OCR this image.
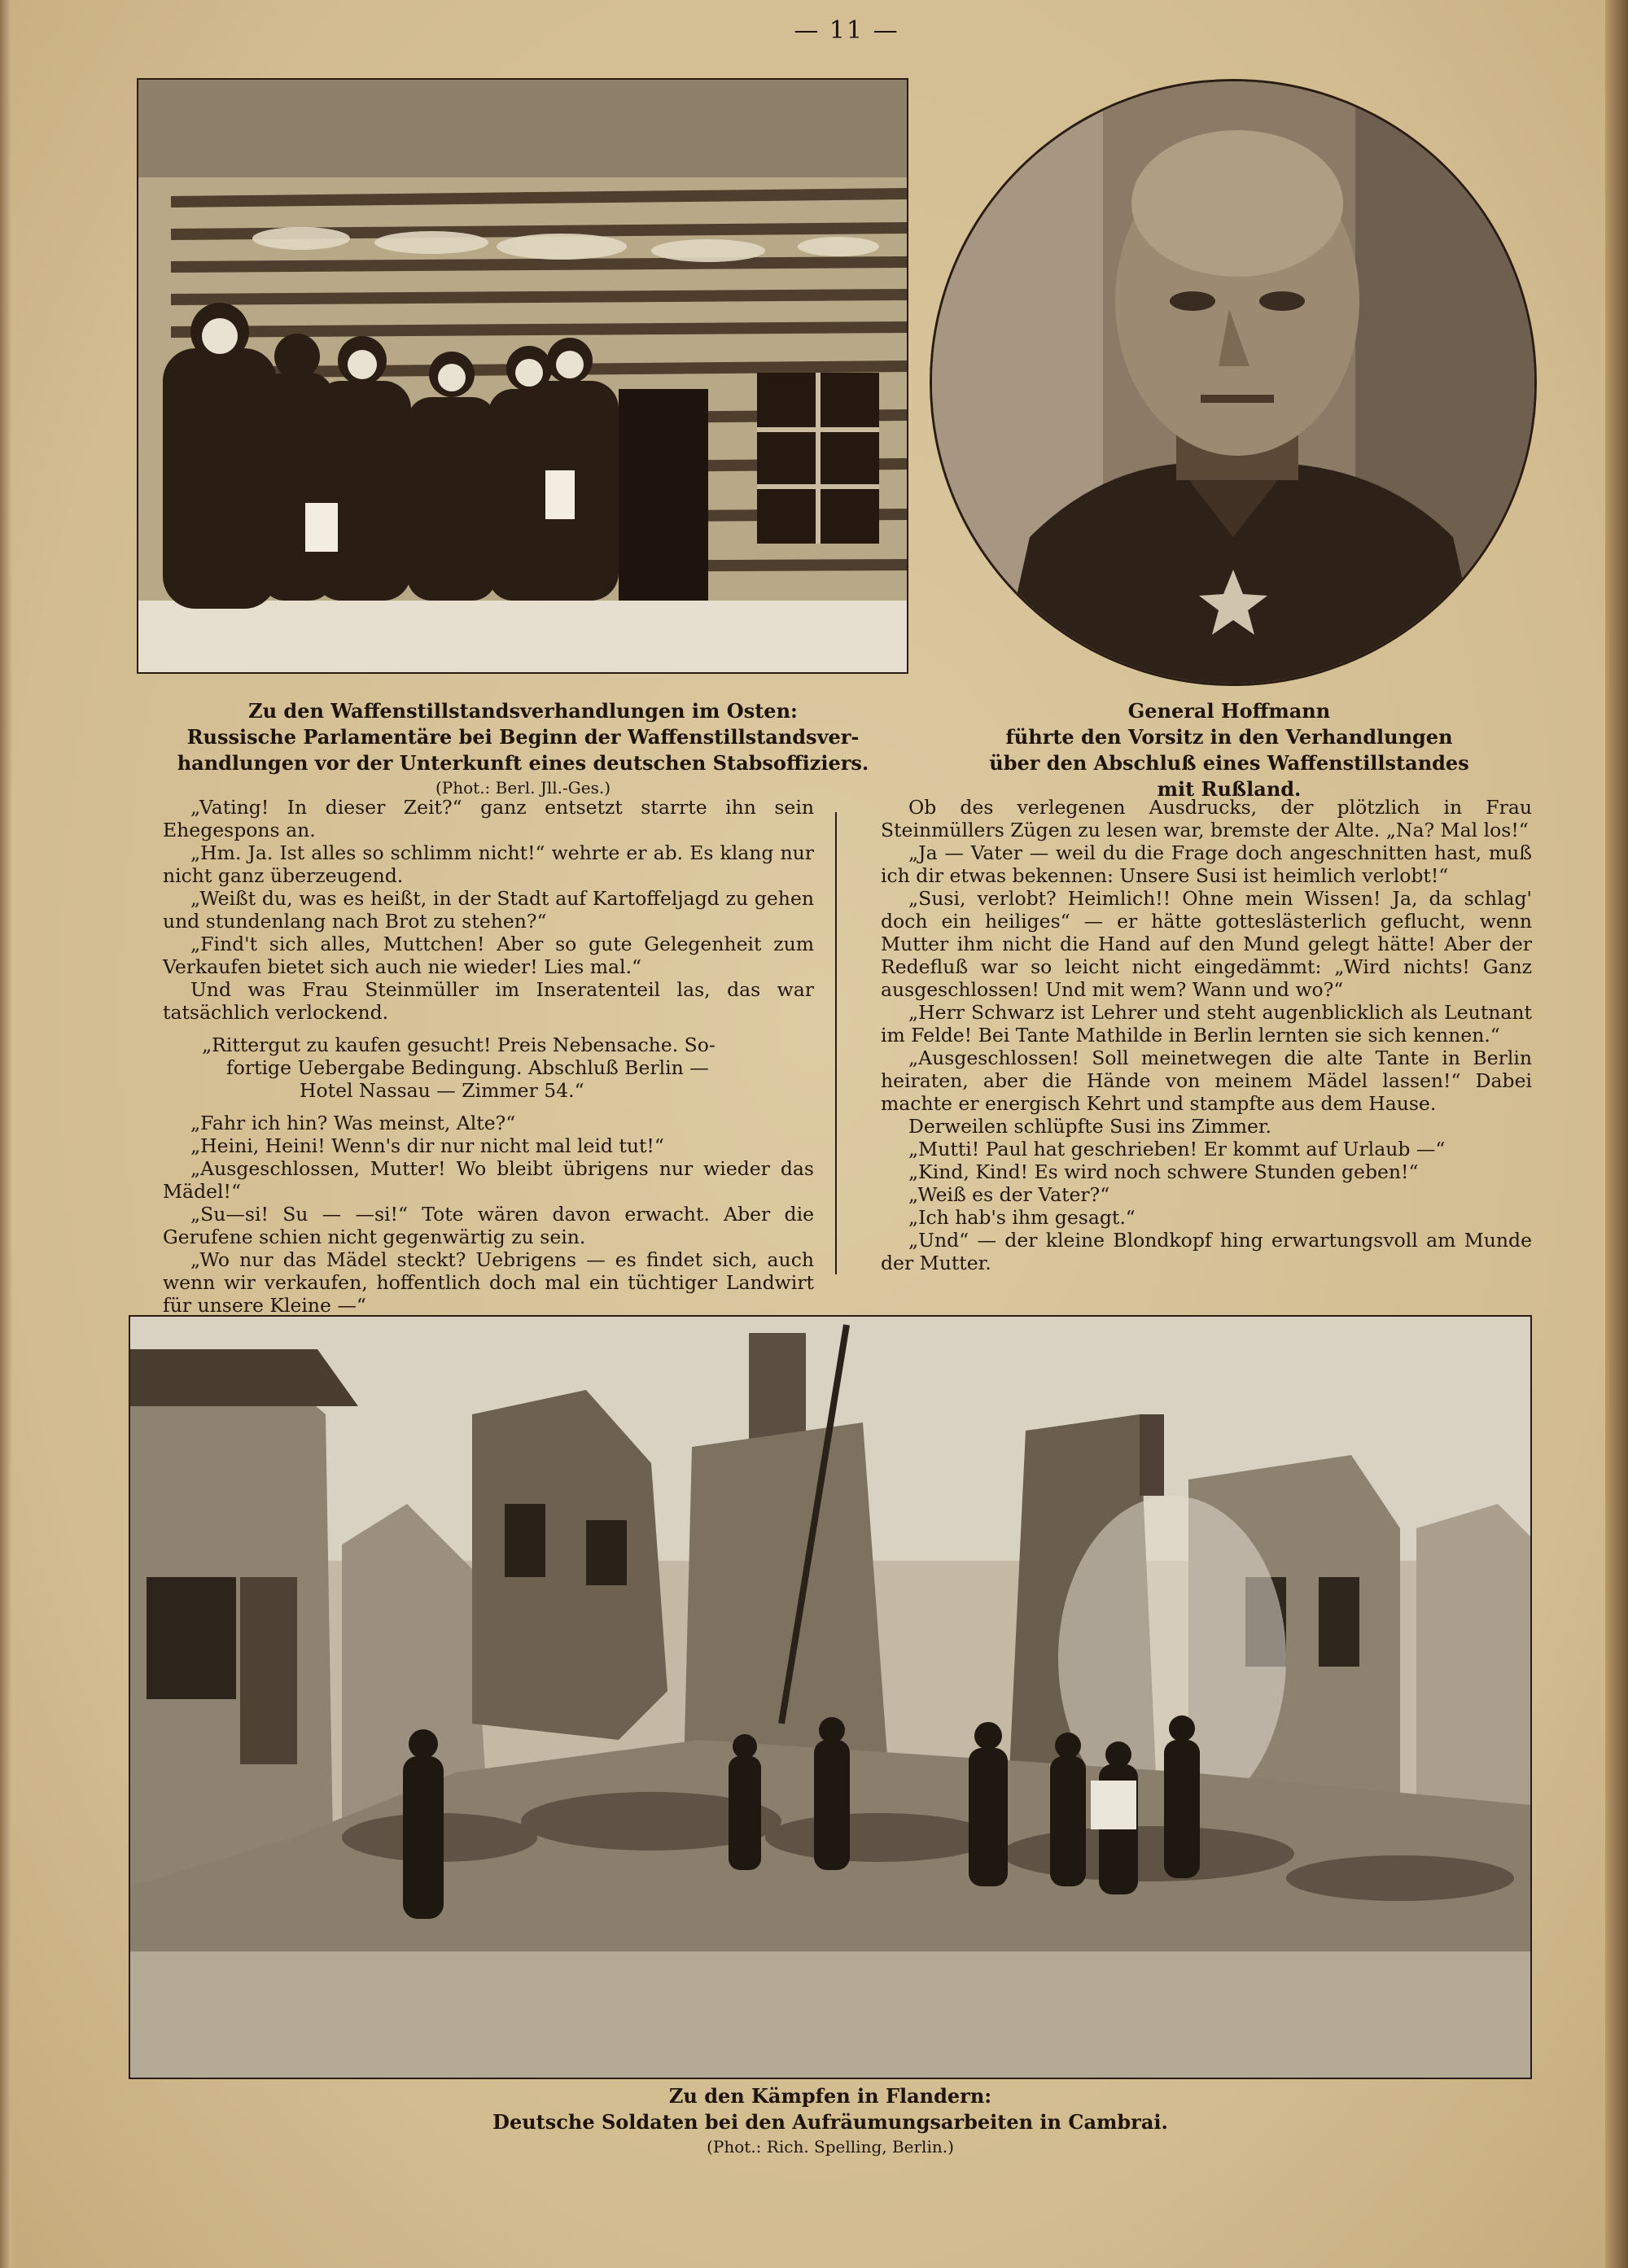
— 11 —
Zu den Waffenstillstandsverhandlungen im Osten:
Russische Parlamentäre bei Beginn der Waffenstillstandsver-
handlungen vor der Unterkunft eines deutschen Stabsoffiziers.
(Phot.: Berl. Jll.-Ges.)
General Hoffmann
führte den Vorsitz in den Verhandlungen
über den Abschluß eines Waffenstillstandes
mit Rußland.

„Vating! In dieser Zeit?“ ganz entsetzt starrte ihn sein Ehegespons an.

„Hm. Ja. Ist alles so schlimm nicht!“ wehrte er ab. Es klang nur nicht ganz überzeugend.

„Weißt du, was es heißt, in der Stadt auf Kartoffeljagd zu gehen und stundenlang nach Brot zu stehen?“

„Find't sich alles, Muttchen! Aber so gute Gelegenheit zum Verkaufen bietet sich auch nie wieder! Lies mal.“

Und was Frau Steinmüller im Inseratenteil las, das war tatsächlich verlockend.

„Rittergut zu kaufen gesucht! Preis Nebensache. So-
fortige Uebergabe Bedingung. Abschluß Berlin —
Hotel Nassau — Zimmer 54.“

„Fahr ich hin? Was meinst, Alte?“

„Heini, Heini! Wenn's dir nur nicht mal leid tut!“

„Ausgeschlossen, Mutter! Wo bleibt übrigens nur wieder das Mädel!“

„Su—si! Su — —si!“ Tote wären davon erwacht. Aber die Gerufene schien nicht gegenwärtig zu sein.

„Wo nur das Mädel steckt? Uebrigens — es findet sich, auch wenn wir verkaufen, hoffentlich doch mal ein tüchtiger Landwirt für unsere Kleine —“

Ob des verlegenen Ausdrucks, der plötzlich in Frau Steinmüllers Zügen zu lesen war, bremste der Alte. „Na? Mal los!“

„Ja — Vater — weil du die Frage doch angeschnitten hast, muß ich dir etwas bekennen: Unsere Susi ist heimlich verlobt!“

„Susi, verlobt? Heimlich!! Ohne mein Wissen! Ja, da schlag' doch ein heiliges“ — er hätte gotteslästerlich geflucht, wenn Mutter ihm nicht die Hand auf den Mund gelegt hätte! Aber der Redefluß war so leicht nicht eingedämmt: „Wird nichts! Ganz ausgeschlossen! Und mit wem? Wann und wo?“

„Herr Schwarz ist Lehrer und steht augenblicklich als Leutnant im Felde! Bei Tante Mathilde in Berlin lernten sie sich kennen.“

„Ausgeschlossen! Soll meinetwegen die alte Tante in Berlin heiraten, aber die Hände von meinem Mädel lassen!“ Dabei machte er energisch Kehrt und stampfte aus dem Hause.

Derweilen schlüpfte Susi ins Zimmer.

„Mutti! Paul hat geschrieben! Er kommt auf Urlaub —“

„Kind, Kind! Es wird noch schwere Stunden geben!“

„Weiß es der Vater?“

„Ich hab's ihm gesagt.“

„Und“ — der kleine Blondkopf hing erwartungsvoll am Munde der Mutter.

Zu den Kämpfen in Flandern:
Deutsche Soldaten bei den Aufräumungsarbeiten in Cambrai.
(Phot.: Rich. Spelling, Berlin.)
